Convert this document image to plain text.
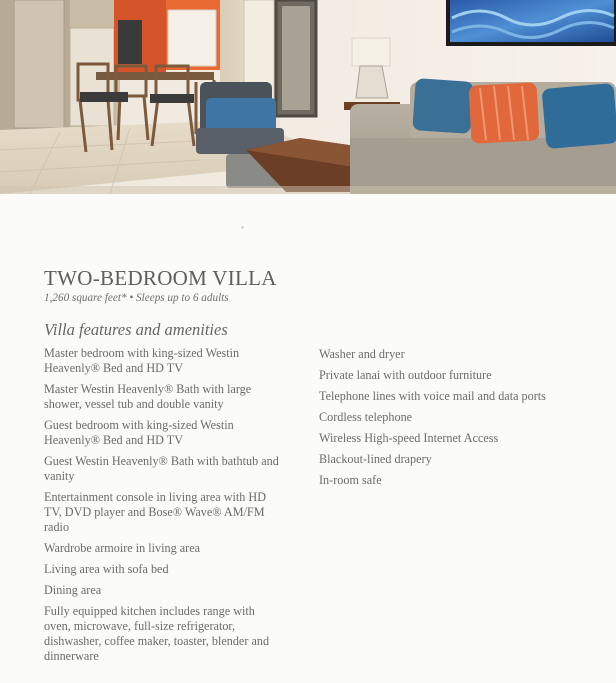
TWO-BEDROOM VILLA
1,260 square feet* • Sleeps up to 6 adults
Villa features and amenities
Master bedroom with king-sized Westin Heavenly® Bed and HD TV
Master Westin Heavenly® Bath with large shower, vessel tub and double vanity
Guest bedroom with king-sized Westin Heavenly® Bed and HD TV
Guest Westin Heavenly® Bath with bathtub and vanity
Entertainment console in living area with HD TV, DVD player and Bose® Wave® AM/FM radio
Wardrobe armoire in living area
Living area with sofa bed
Dining area
Fully equipped kitchen includes range with oven, microwave, full-size refrigerator, dishwasher, coffee maker, toaster, blender and dinnerware
Washer and dryer
Private lanai with outdoor furniture
Telephone lines with voice mail and data ports
Cordless telephone
Wireless High-speed Internet Access
Blackout-lined drapery
In-room safe
